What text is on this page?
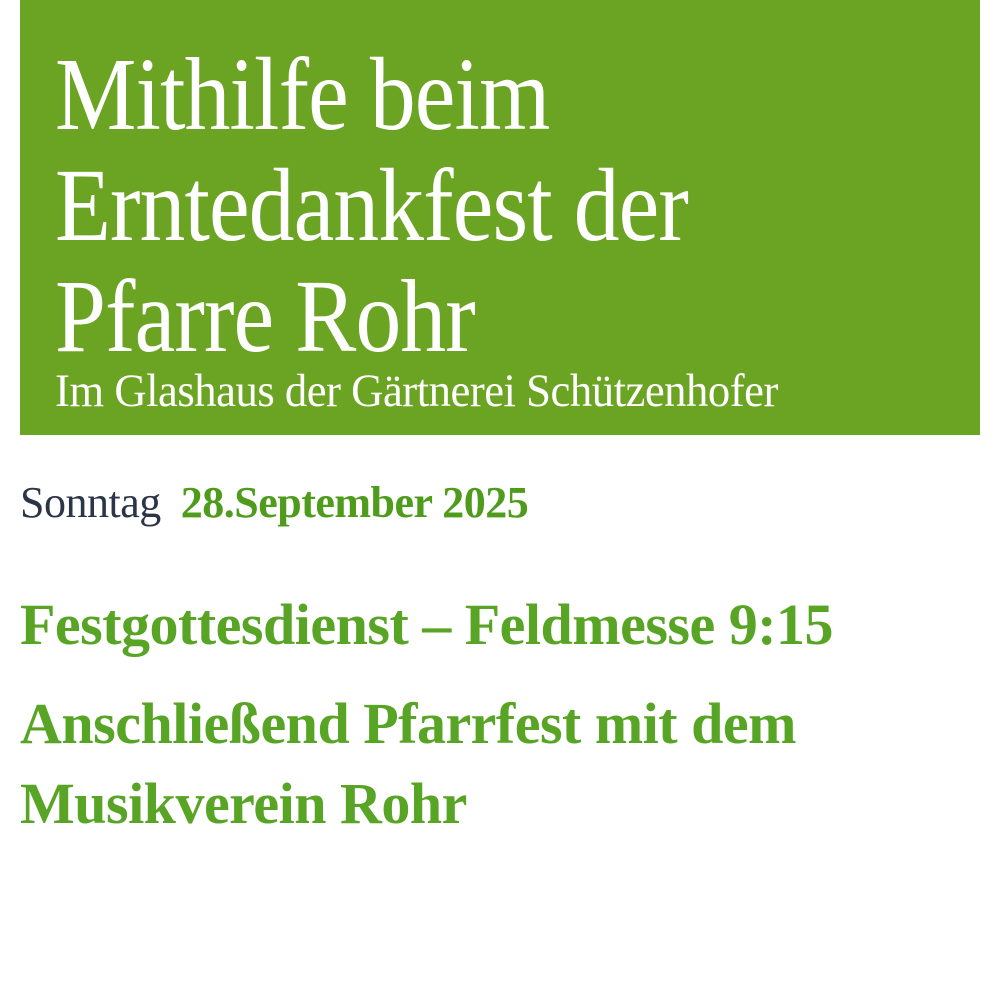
Mithilfe beim
Erntedankfest der
Pfarre Rohr
Im Glashaus der Gärtnerei Schützenhofer
Sonntag 28.September 2025
Festgottesdienst – Feldmesse 9:15
Anschließend Pfarrfest mit dem
Musikverein Rohr
